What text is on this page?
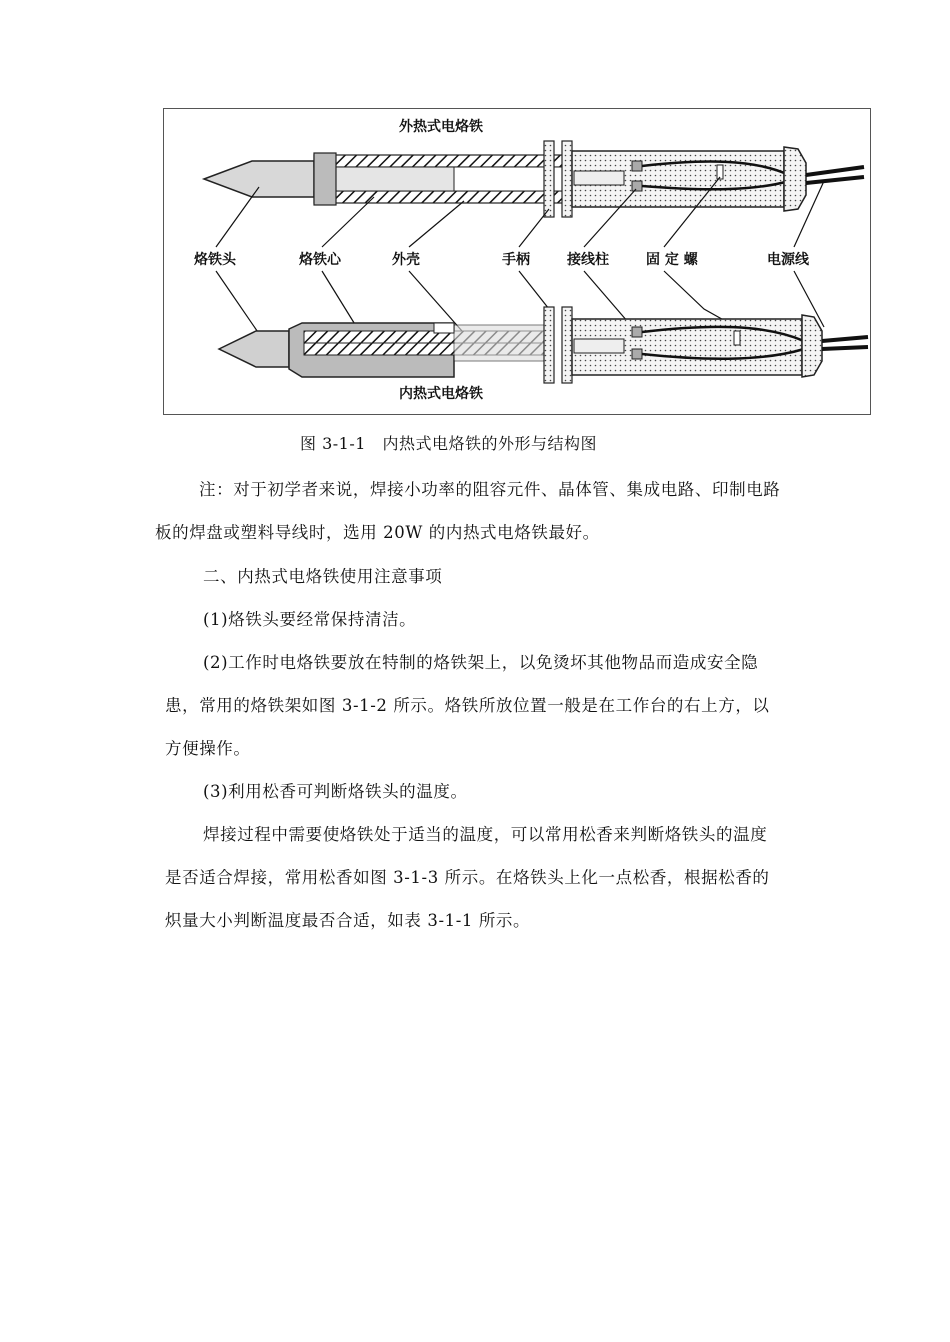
外热式电烙铁
烙铁头	烙铁心	外壳	手柄	接线柱	固 定 螺	电源线
内热式电烙铁
图 3-1-1　内热式电烙铁的外形与结构图
注：对于初学者来说，焊接小功率的阻容元件、晶体管、集成电路、印制电路
板的焊盘或塑料导线时，选用 20W 的内热式电烙铁最好。
二、内热式电烙铁使用注意事项
(1)烙铁头要经常保持清洁。
(2)工作时电烙铁要放在特制的烙铁架上，以免烫坏其他物品而造成安全隐
患，常用的烙铁架如图 3-1-2 所示。烙铁所放位置一般是在工作台的右上方，以
方便操作。
(3)利用松香可判断烙铁头的温度。
焊接过程中需要使烙铁处于适当的温度，可以常用松香来判断烙铁头的温度
是否适合焊接，常用松香如图 3-1-3 所示。在烙铁头上化一点松香，根据松香的
炽量大小判断温度最否合适，如表 3-1-1 所示。
